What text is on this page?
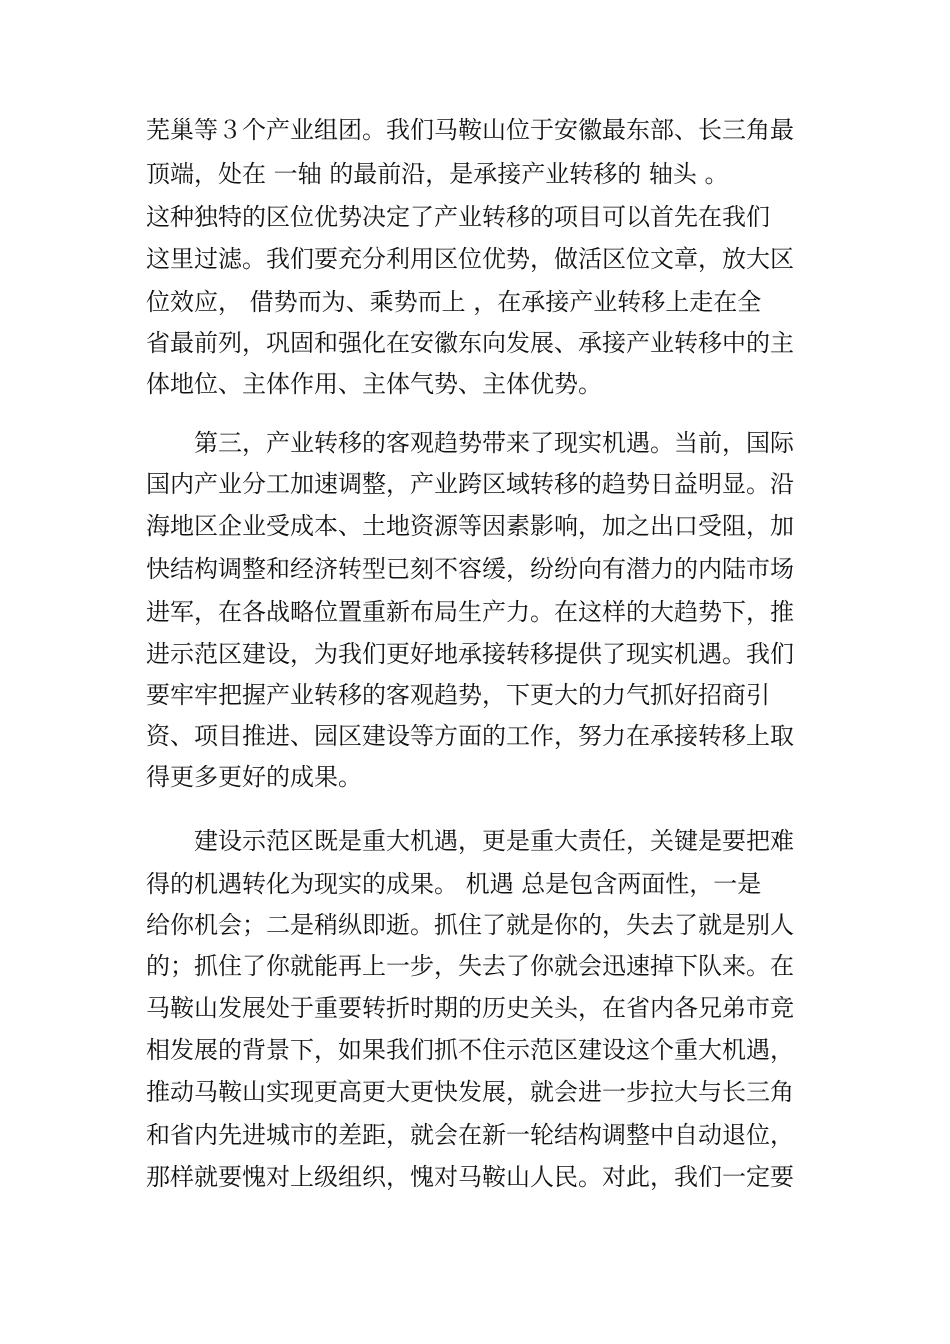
芜巢等３个产业组团。我们马鞍山位于安徽最东部、长三角最
顶端，处在 一轴 的最前沿，是承接产业转移的 轴头 。
这种独特的区位优势决定了产业转移的项目可以首先在我们
这里过滤。我们要充分利用区位优势，做活区位文章，放大区
位效应， 借势而为、乘势而上 ，在承接产业转移上走在全
省最前列，巩固和强化在安徽东向发展、承接产业转移中的主
体地位、主体作用、主体气势、主体优势。
第三，产业转移的客观趋势带来了现实机遇。当前，国际
国内产业分工加速调整，产业跨区域转移的趋势日益明显。沿
海地区企业受成本、土地资源等因素影响，加之出口受阻，加
快结构调整和经济转型已刻不容缓，纷纷向有潜力的内陆市场
进军，在各战略位置重新布局生产力。在这样的大趋势下，推
进示范区建设，为我们更好地承接转移提供了现实机遇。我们
要牢牢把握产业转移的客观趋势，下更大的力气抓好招商引
资、项目推进、园区建设等方面的工作，努力在承接转移上取
得更多更好的成果。
建设示范区既是重大机遇，更是重大责任，关键是要把难
得的机遇转化为现实的成果。 机遇 总是包含两面性，一是
给你机会；二是稍纵即逝。抓住了就是你的，失去了就是别人
的；抓住了你就能再上一步，失去了你就会迅速掉下队来。在
马鞍山发展处于重要转折时期的历史关头，在省内各兄弟市竞
相发展的背景下，如果我们抓不住示范区建设这个重大机遇，
推动马鞍山实现更高更大更快发展，就会进一步拉大与长三角
和省内先进城市的差距，就会在新一轮结构调整中自动退位，
那样就要愧对上级组织，愧对马鞍山人民。对此，我们一定要
